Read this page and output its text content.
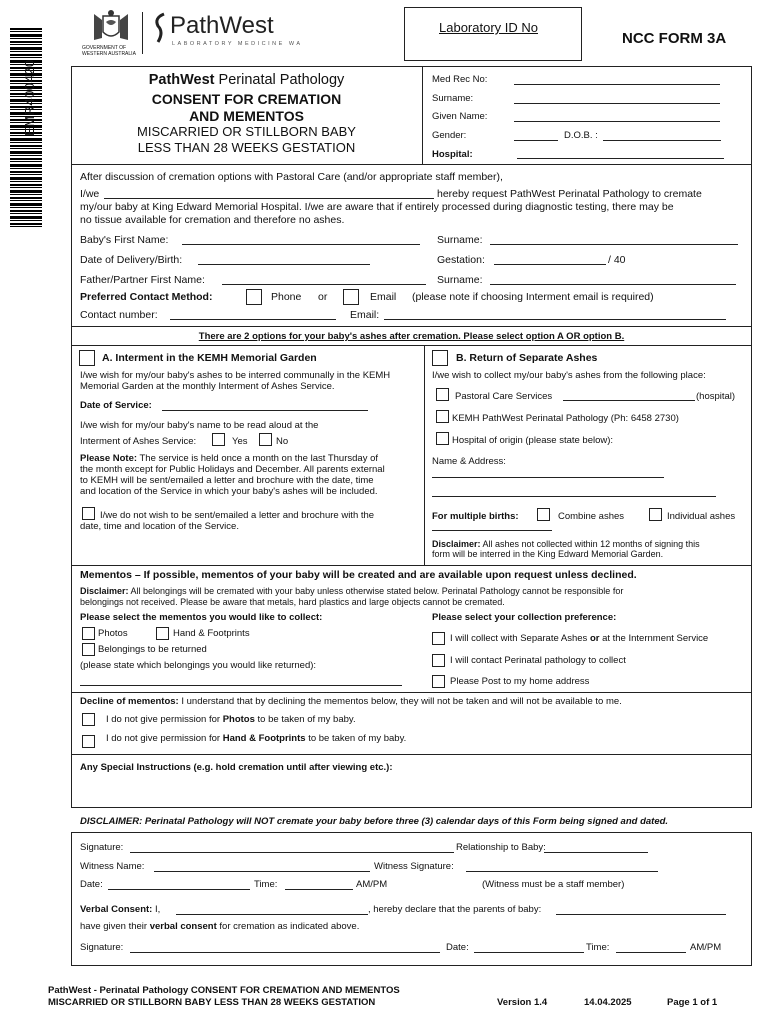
EMR400420
GOVERNMENT OF
WESTERN AUSTRALIA
PathWest
LABORATORY MEDICINE WA
Laboratory ID No
NCC FORM 3A
PathWest Perinatal Pathology
CONSENT FOR CREMATION
AND MEMENTOS
MISCARRIED OR STILLBORN BABY
LESS THAN 28 WEEKS GESTATION
Med Rec No:
Surname:
Given Name:
Gender:	D.O.B. :
Hospital:
After discussion of cremation options with Pastoral Care (and/or appropriate staff member),
I/we	hereby request PathWest Perinatal Pathology to cremate
my/our baby at King Edward Memorial Hospital. I/we are aware that if entirely processed during diagnostic testing, there may be
no tissue available for cremation and therefore no ashes.
Baby's First Name:	Surname:
Date of Delivery/Birth:	Gestation:	/ 40
Father/Partner First Name:	Surname:
Preferred Contact Method:	Phone or	Email (please note if choosing Interment email is required)
Contact number:	Email:
There are 2 options for your baby's ashes after cremation. Please select option A OR option B.
A. Interment in the KEMH Memorial Garden
I/we wish for my/our baby's ashes to be interred communally in the KEMH
Memorial Garden at the monthly Interment of Ashes Service.
Date of Service:
I/we wish for my/our baby's name to be read aloud at the
Interment of Ashes Service:	Yes	No
Please Note: The service is held once a month on the last Thursday of
the month except for Public Holidays and December. All parents external
to KEMH will be sent/emailed a letter and brochure with the date, time
and location of the Service in which your baby's ashes will be included.
I/we do not wish to be sent/emailed a letter and brochure with the
date, time and location of the Service.
B. Return of Separate Ashes
I/we wish to collect my/our baby's ashes from the following place:
Pastoral Care Services	(hospital)
KEMH PathWest Perinatal Pathology (Ph: 6458 2730)
Hospital of origin (please state below):
Name & Address:
For multiple births:	Combine ashes	Individual ashes
Disclaimer: All ashes not collected within 12 months of signing this
form will be interred in the King Edward Memorial Garden.
Mementos – If possible, mementos of your baby will be created and are available upon request unless declined.
Disclaimer: All belongings will be cremated with your baby unless otherwise stated below. Perinatal Pathology cannot be responsible for
belongings not received. Please be aware that metals, hard plastics and large objects cannot be cremated.
Please select the mementos you would like to collect:
Photos	Hand & Footprints
Belongings to be returned
(please state which belongings you would like returned):
Please select your collection preference:
I will collect with Separate Ashes or at the Internment Service
I will contact Perinatal pathology to collect
Please Post to my home address
Decline of mementos: I understand that by declining the mementos below, they will not be taken and will not be available to me.
I do not give permission for Photos to be taken of my baby.
I do not give permission for Hand & Footprints to be taken of my baby.
Any Special Instructions (e.g. hold cremation until after viewing etc.):
DISCLAIMER: Perinatal Pathology will NOT cremate your baby before three (3) calendar days of this Form being signed and dated.
Signature:	Relationship to Baby:
Witness Name:	Witness Signature:
Date:	Time:	AM/PM	(Witness must be a staff member)
Verbal Consent: I,	, hereby declare that the parents of baby:
have given their verbal consent for cremation as indicated above.
Signature:	Date:	Time:	AM/PM
PathWest - Perinatal Pathology CONSENT FOR CREMATION AND MEMENTOS
MISCARRIED OR STILLBORN BABY LESS THAN 28 WEEKS GESTATION	Version 1.4	14.04.2025	Page 1 of 1
